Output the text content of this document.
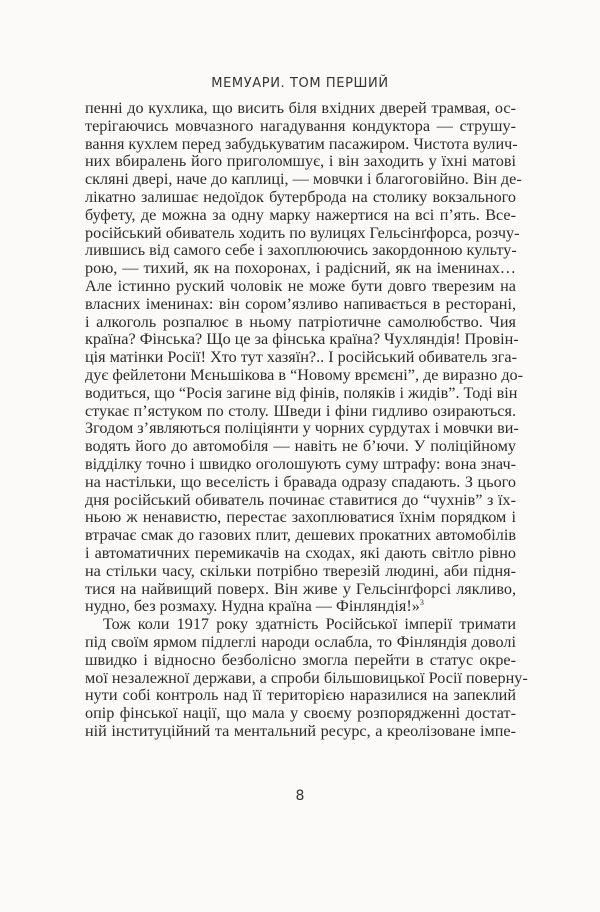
МЕМУАРИ. ТОМ ПЕРШИЙ
пенні до кухлика, що висить біля вхідних дверей трамвая, ос-
терігаючись мовчазного нагадування кондуктора — струшу-
вання кухлем перед забудькуватим пасажиром. Чистота вулич-
них вбиралень його приголомшує, і він заходить у їхні матові
скляні двері, наче до каплиці, — мовчки і благоговійно. Він де-
лікатно залишає недоїдок бутерброда на столику вокзального
буфету, де можна за одну марку нажертися на всі п’ять. Все-
російський обиватель ходить по вулицях Гельсінґфорса, розчу-
лившись від самого себе і захоплюючись закордонною культу-
рою, — тихий, як на похоронах, і радісний, як на іменинах…
Але істинно руский чоловік не може бути довго тверезим на
власних іменинах: він сором’язливо напивається в ресторані,
і алкоголь розпалює в ньому патріотичне самолюбство. Чия
країна? Фінська? Що це за фінська країна? Чухляндія! Провін-
ція матінки Росії! Хто тут хазяїн?.. І російський обиватель зга-
дує фейлетони Мєньшікова в “Новому врємєні”, де виразно до-
водиться, що “Росія загине від фінів, поляків і жидів”. Тоді він
стукає п’ястуком по столу. Шведи і фіни гидливо озираються.
Згодом з’являються поліціянти у чорних сурдутах і мовчки ви-
водять його до автомобіля — навіть не б’ючи. У поліційному
відділку точно і швидко оголошують суму штрафу: вона знач-
на настільки, що веселість і бравада одразу спадають. З цього
дня російський обиватель починає ставитися до “чухнів” з їх-
ньою ж ненавистю, перестає захоплюватися їхнім порядком і
втрачає смак до газових плит, дешевих прокатних автомобілів
і автоматичних перемикачів на сходах, які дають світло рівно
на стільки часу, скільки потрібно тверезій людині, аби підня-
тися на найвищий поверх. Він живе у Гельсінґфорсі лякливо,
нудно, без розмаху. Нудна країна — Фінляндія!»$^3$
Тож коли 1917 року здатність Російської імперії тримати
під своїм ярмом підлеглі народи ослабла, то Фінляндія доволі
швидко і відносно безболісно змогла перейти в статус окре-
мої незалежної держави, а спроби більшовицької Росії поверну-
нути собі контроль над її територією наразилися на запеклий
опір фінської нації, що мала у своєму розпорядженні достат-
ній інституційний та ментальний ресурс, а креолізоване імпе-
8
